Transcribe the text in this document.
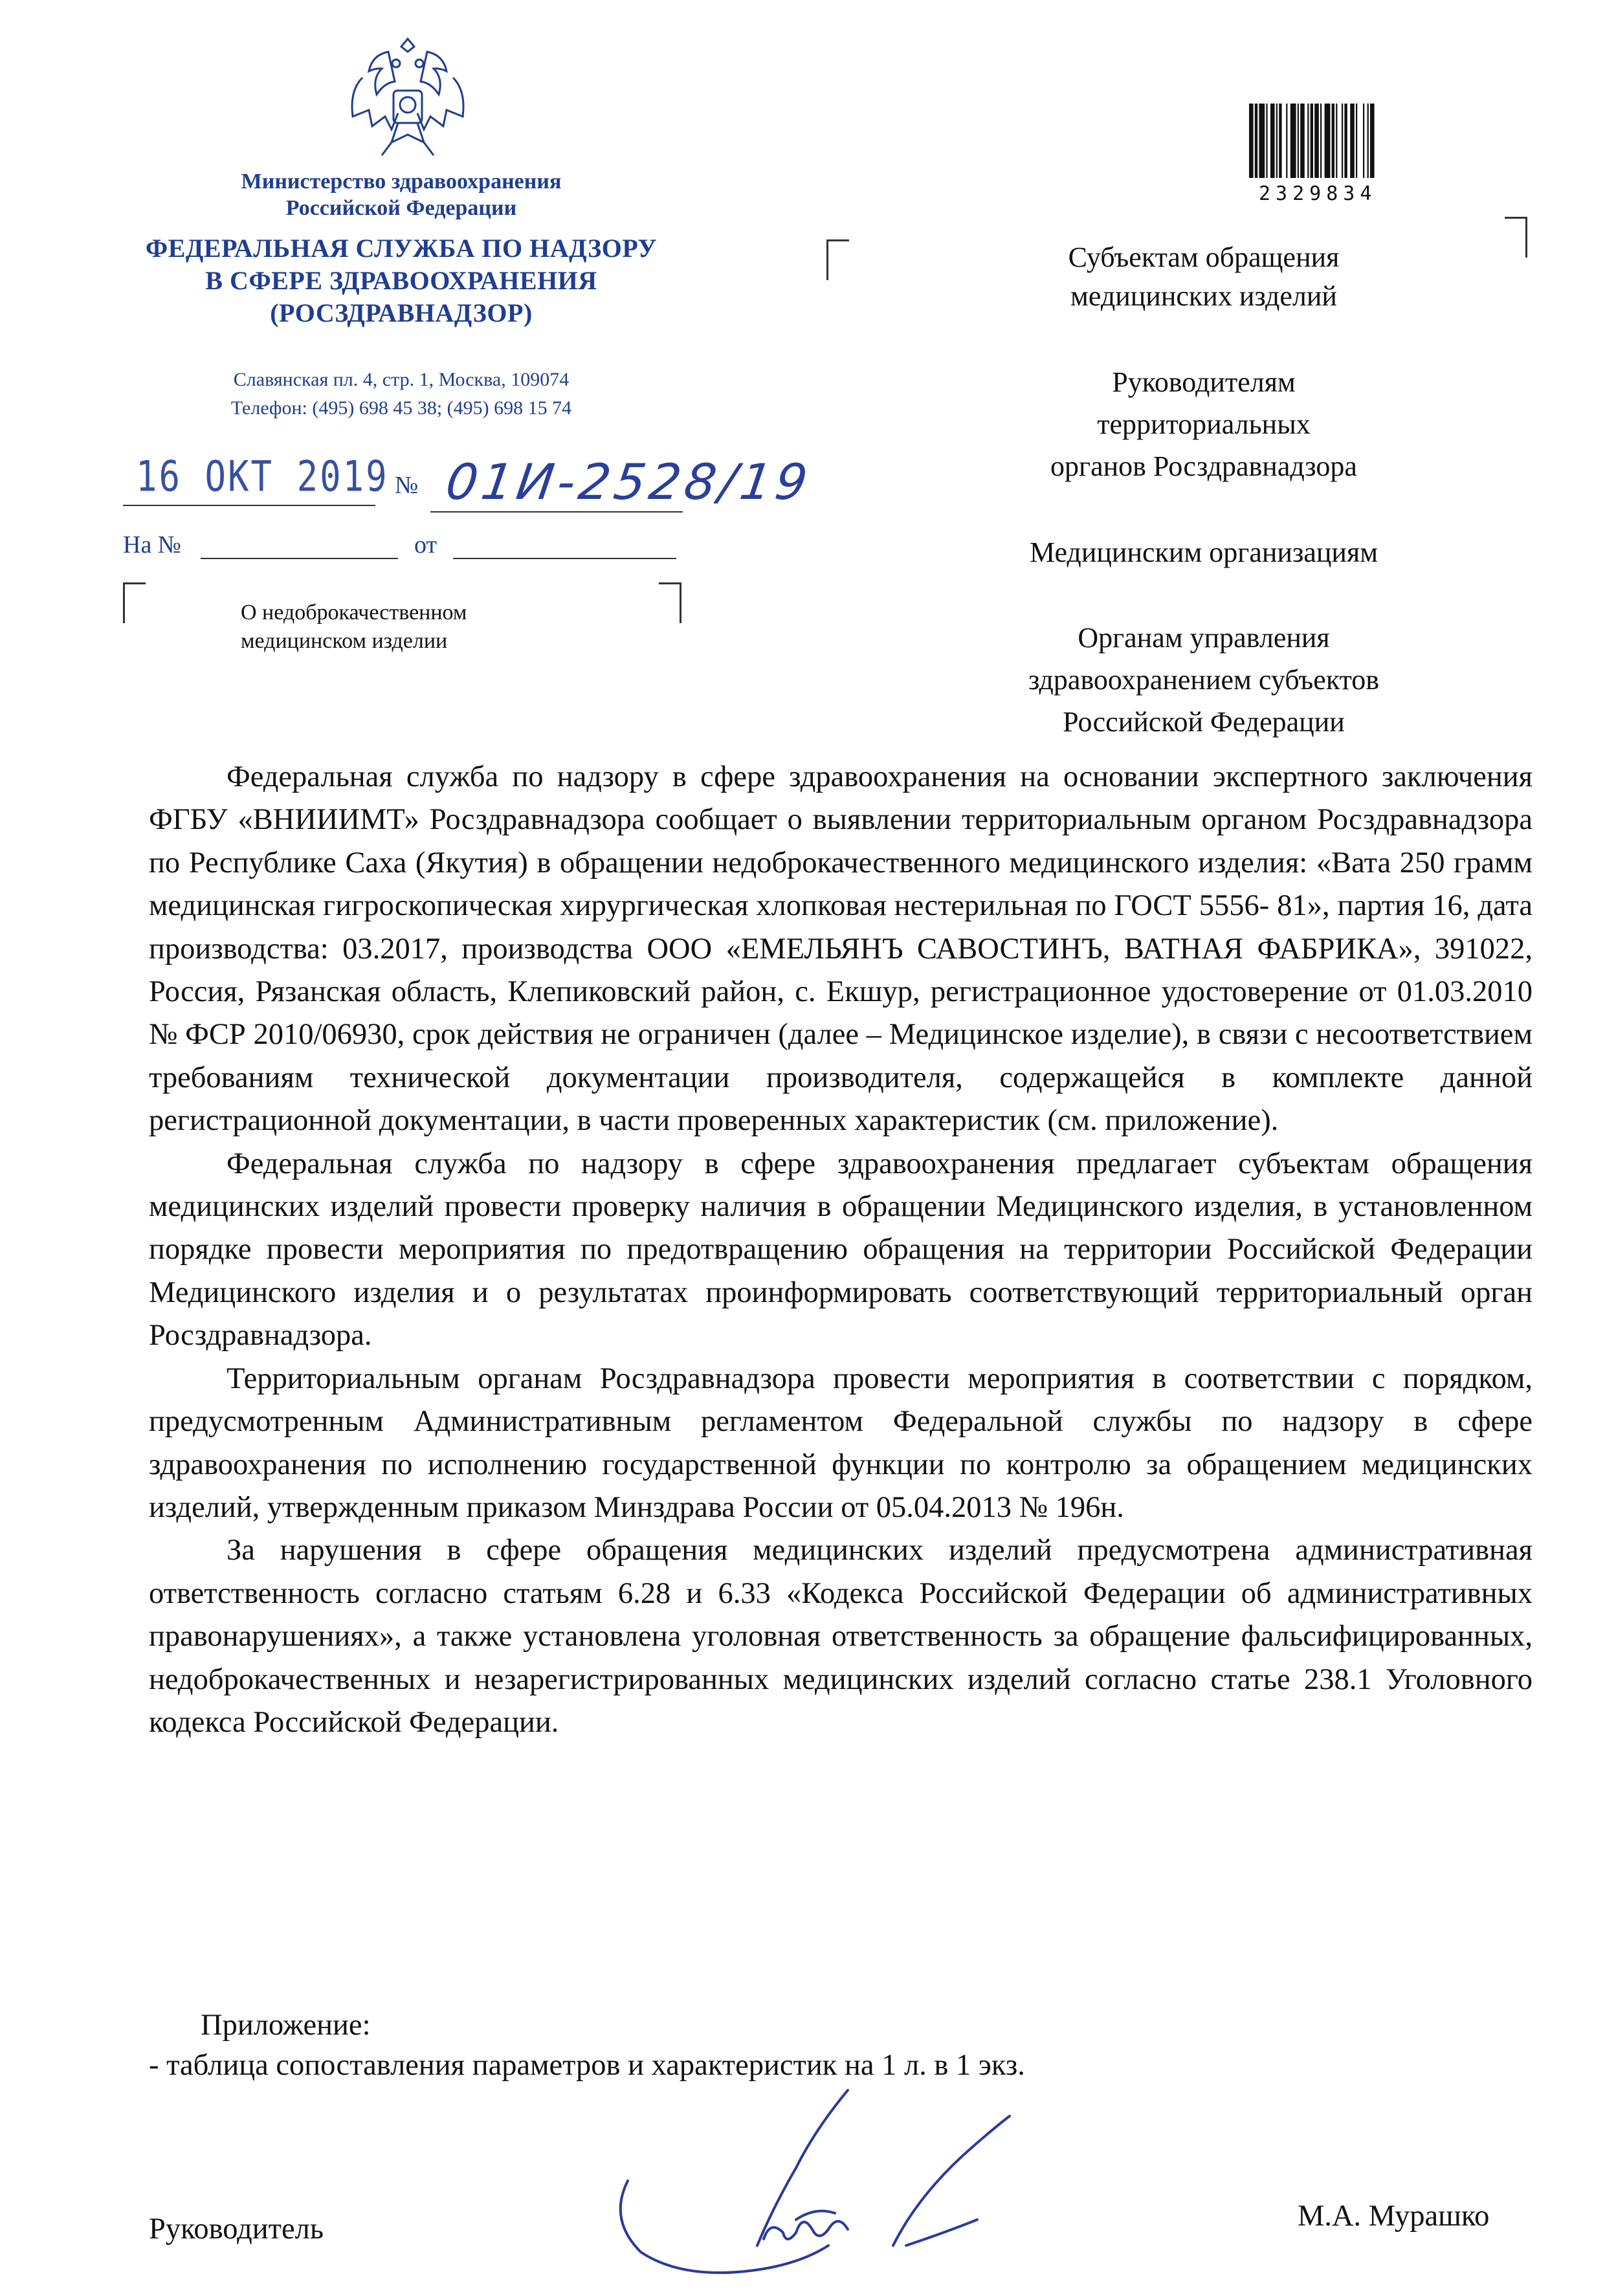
Министерство здравоохранения
Российской Федерации
ФЕДЕРАЛЬНАЯ СЛУЖБА ПО НАДЗОРУ
В СФЕРЕ ЗДРАВООХРАНЕНИЯ
(РОСЗДРАВНАДЗОР)
Славянская пл. 4, стр. 1, Москва, 109074
Телефон: (495) 698 45 38; (495) 698 15 74
16 ОКТ 2019 № 01И-2528/19
На №	от
О недоброкачественном
медицинском изделии
2329834
Субъектам обращения
медицинских изделий
Руководителям
территориальных
органов Росздравнадзора
Медицинским организациям
Органам управления
здравоохранением субъектов
Российской Федерации

Федеральная служба по надзору в сфере здравоохранения на основании экспертного заключения ФГБУ «ВНИИИМТ» Росздравнадзора сообщает о выявлении территориальным органом Росздравнадзора по Республике Саха (Якутия) в обращении недоброкачественного медицинского изделия: «Вата 250 грамм медицинская гигроскопическая хирургическая хлопковая нестерильная по ГОСТ 5556- 81», партия 16, дата производства: 03.2017, производства ООО «ЕМЕЛЬЯНЪ САВОСТИНЪ, ВАТНАЯ ФАБРИКА», 391022, Россия, Рязанская область, Клепиковский район, с. Екшур, регистрационное удостоверение от 01.03.2010 № ФСР 2010/06930, срок действия не ограничен (далее – Медицинское изделие), в связи с несоответствием требованиям технической документации производителя, содержащейся в комплекте данной регистрационной документации, в части проверенных характеристик (см. приложение).

Федеральная служба по надзору в сфере здравоохранения предлагает субъектам обращения медицинских изделий провести проверку наличия в обращении Медицинского изделия, в установленном порядке провести мероприятия по предотвращению обращения на территории Российской Федерации Медицинского изделия и о результатах проинформировать соответствующий территориальный орган Росздравнадзора.

Территориальным органам Росздравнадзора провести мероприятия в соответствии с порядком, предусмотренным Административным регламентом Федеральной службы по надзору в сфере здравоохранения по исполнению государственной функции по контролю за обращением медицинских изделий, утвержденным приказом Минздрава России от 05.04.2013 № 196н.

За нарушения в сфере обращения медицинских изделий предусмотрена административная ответственность согласно статьям 6.28 и 6.33 «Кодекса Российской Федерации об административных правонарушениях», а также установлена уголовная ответственность за обращение фальсифицированных, недоброкачественных и незарегистрированных медицинских изделий согласно статье 238.1 Уголовного кодекса Российской Федерации.

Приложение:
- таблица сопоставления параметров и характеристик на 1 л. в 1 экз.
Руководитель	М.А. Мурашко
